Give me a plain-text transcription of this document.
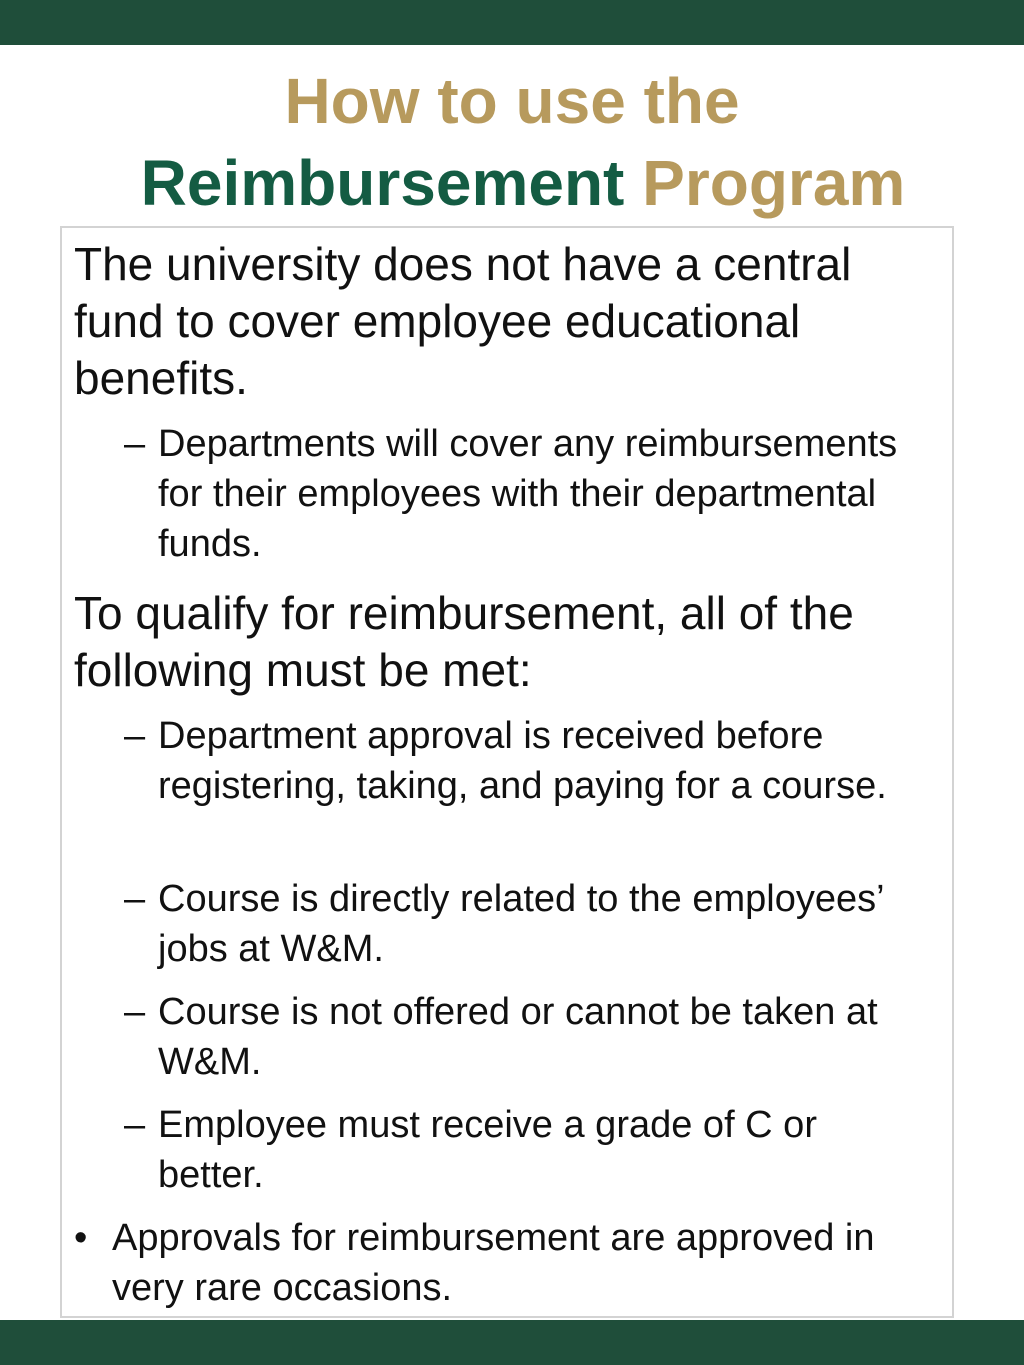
How to use the
Reimbursement Program

The university does not have a central fund to cover employee educational benefits.

– Departments will cover any reimbursements for their employees with their departmental funds.

To qualify for reimbursement, all of the following must be met:

– Department approval is received before registering, taking, and paying for a course.
– Course is directly related to the employees’ jobs at W&M.
– Course is not offered or cannot be taken at W&M.
– Employee must receive a grade of C or better.
• Approvals for reimbursement are approved in very rare occasions.
